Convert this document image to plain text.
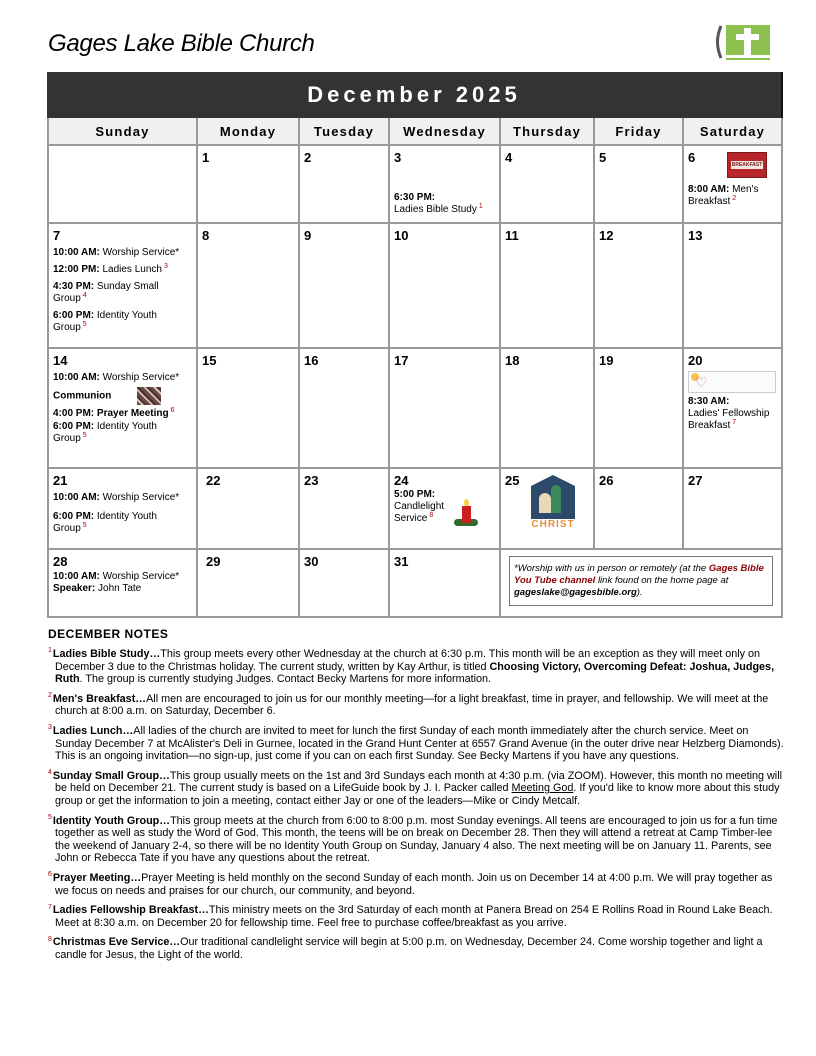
Gages Lake Bible Church
December 2025
Sunday	Monday	Tuesday	Wednesday	Thursday	Friday	Saturday

	1	2	3
6:30 PM:
Ladies Bible Study $^1$	4	5	6 BREAKFAST
8:00 AM: Men's Breakfast $^2$

7
10:00 AM: Worship Service*
12:00 PM: Ladies Lunch $^3$
4:30 PM: Sunday Small Group $^4$
6:00 PM: Identity Youth Group $^5$	8	9	10	11	12	13

14
10:00 AM: Worship Service*
Communion
4:00 PM: Prayer Meeting $^6$
6:00 PM: Identity Youth Group $^5$	15	16	17	18	19	20
♡
8:30 AM:
Ladies' Fellowship Breakfast $^7$

21
10:00 AM: Worship Service*
6:00 PM: Identity Youth Group $^5$	22	23	24
5:00 PM:
Candlelight Service $^8$	25
CHRIST	26	27

28
10:00 AM: Worship Service*
Speaker: John Tate	29	30	31	*Worship with us in person or remotely (at the Gages Bible You Tube channel link found on the home page at gageslake@gagesbible.org).		
DECEMBER NOTES

$^1$Ladies Bible Study…This group meets every other Wednesday at the church at 6:30 p.m. This month will be an exception as they will meet only on December 3 due to the Christmas holiday. The current study, written by Kay Arthur, is titled Choosing Victory, Overcoming Defeat: Joshua, Judges, Ruth. The group is currently studying Judges. Contact Becky Martens for more information.

$^2$Men's Breakfast…All men are encouraged to join us for our monthly meeting—for a light breakfast, time in prayer, and fellowship. We will meet at the church at 8:00 a.m. on Saturday, December 6.

$^3$Ladies Lunch…All ladies of the church are invited to meet for lunch the first Sunday of each month immediately after the church service. Meet on Sunday December 7 at McAlister's Deli in Gurnee, located in the Grand Hunt Center at 6557 Grand Avenue (in the outer drive near Helzberg Diamonds). This is an ongoing invitation—no sign-up, just come if you can on each first Sunday. See Becky Martens if you have any questions.

$^4$Sunday Small Group…This group usually meets on the 1st and 3rd Sundays each month at 4:30 p.m. (via ZOOM). However, this month no meeting will be held on December 21. The current study is based on a LifeGuide book by J. I. Packer called Meeting God. If you'd like to know more about this study group or get the information to join a meeting, contact either Jay or one of the leaders—Mike or Cindy Metcalf.

$^5$Identity Youth Group…This group meets at the church from 6:00 to 8:00 p.m. most Sunday evenings. All teens are encouraged to join us for a fun time together as well as study the Word of God. This month, the teens will be on break on December 28. Then they will attend a retreat at Camp Timber-lee the weekend of January 2-4, so there will be no Identity Youth Group on Sunday, January 4 also. The next meeting will be on January 11. Parents, see John or Rebecca Tate if you have any questions about the retreat.

$^6$Prayer Meeting…Prayer Meeting is held monthly on the second Sunday of each month. Join us on December 14 at 4:00 p.m. We will pray together as we focus on needs and praises for our church, our community, and beyond.

$^7$Ladies Fellowship Breakfast…This ministry meets on the 3rd Saturday of each month at Panera Bread on 254 E Rollins Road in Round Lake Beach. Meet at 8:30 a.m. on December 20 for fellowship time. Feel free to purchase coffee/breakfast as you arrive.

$^8$Christmas Eve Service…Our traditional candlelight service will begin at 5:00 p.m. on Wednesday, December 24. Come worship together and light a candle for Jesus, the Light of the world.
